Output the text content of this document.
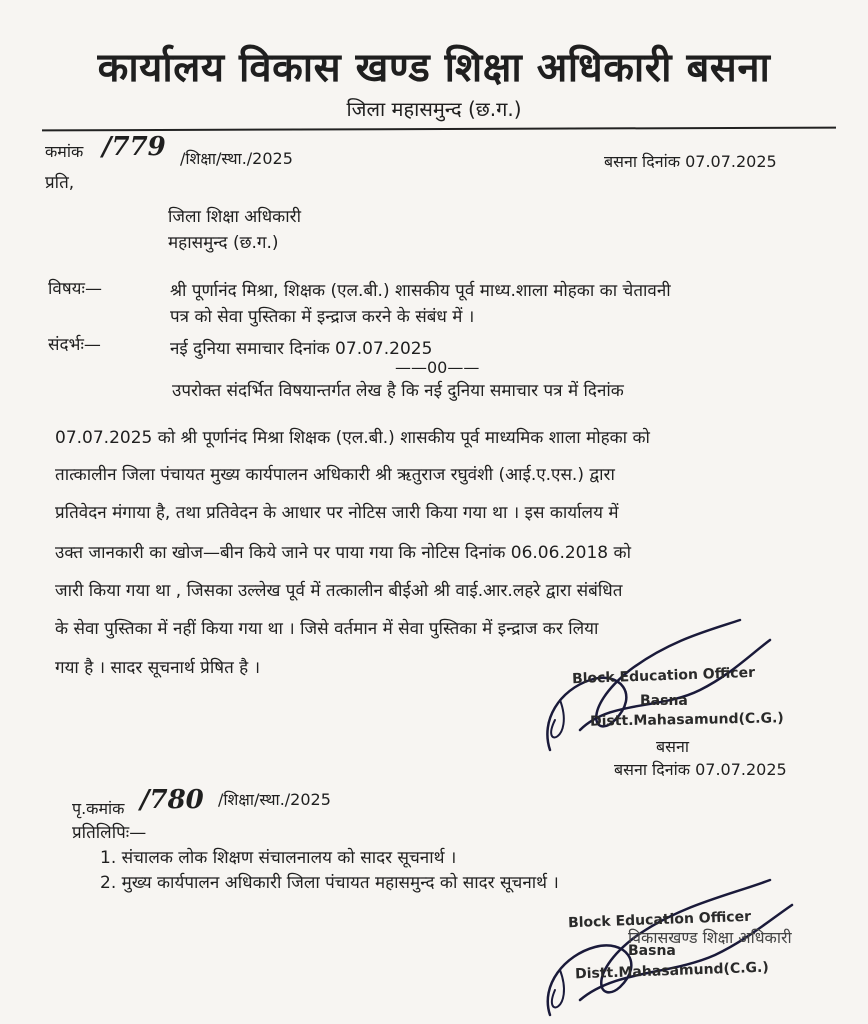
कार्यालय विकास खण्ड शिक्षा अधिकारी बसना
जिला महासमुन्द (छ.ग.)
कमांक /779 /शिक्षा/स्था./2025	बसना दिनांक 07.07.2025
प्रति,
जिला शिक्षा अधिकारी
महासमुन्द (छ.ग.)
विषयः—	श्री पूर्णानंद मिश्रा, शिक्षक (एल.बी.) शासकीय पूर्व माध्य.शाला मोहका का चेतावनी
पत्र को सेवा पुस्तिका में इन्द्राज करने के संबंध में ।
संदर्भः—	नई दुनिया समाचार दिनांक 07.07.2025
——00——
उपरोक्त संदर्भित विषयान्तर्गत लेख है कि नई दुनिया समाचार पत्र में दिनांक
07.07.2025 को श्री पूर्णानंद मिश्रा शिक्षक (एल.बी.) शासकीय पूर्व माध्यमिक शाला मोहका को
तात्कालीन जिला पंचायत मुख्य कार्यपालन अधिकारी श्री ऋतुराज रघुवंशी (आई.ए.एस.) द्वारा
प्रतिवेदन मंगाया है, तथा प्रतिवेदन के आधार पर नोटिस जारी किया गया था । इस कार्यालय में
उक्त जानकारी का खोज—बीन किये जाने पर पाया गया कि नोटिस दिनांक 06.06.2018 को
जारी किया गया था , जिसका उल्लेख पूर्व में तत्कालीन बीईओ श्री वाई.आर.लहरे द्वारा संबंधित
के सेवा पुस्तिका में नहीं किया गया था । जिसे वर्तमान में सेवा पुस्तिका में इन्द्राज कर लिया
गया है । सादर सूचनार्थ प्रेषित है ।	Block Education Officer
Basna
Distt.Mahasamund(C.G.)
बसना
बसना दिनांक 07.07.2025
पृ.कमांक /780 /शिक्षा/स्था./2025
प्रतिलिपिः—
1. संचालक लोक शिक्षण संचालनालय को सादर सूचनार्थ ।
2. मुख्य कार्यपालन अधिकारी जिला पंचायत महासमुन्द को सादर सूचनार्थ ।
विकासखण्ड शिक्षा अधिकारी
Block Education Officer
Basna
Distt.Mahasamund(C.G.)
